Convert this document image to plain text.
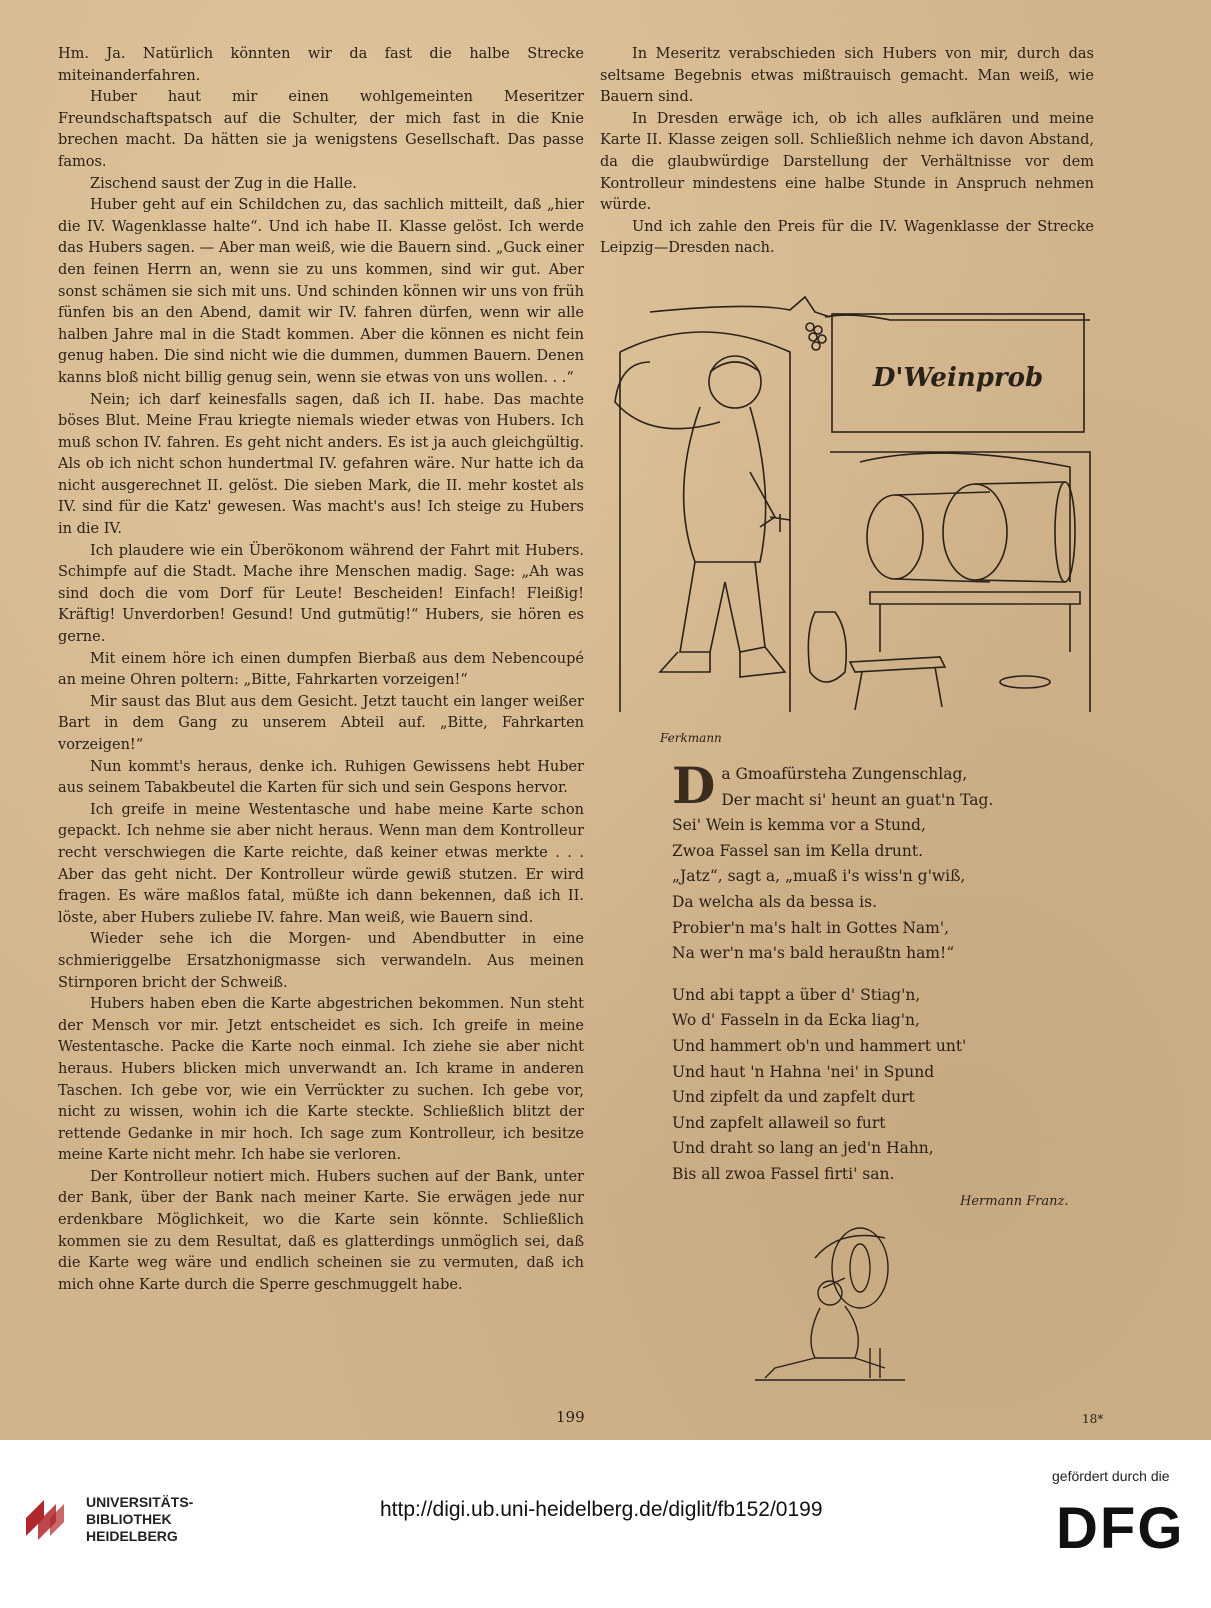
Hm. Ja. Natürlich könnten wir da fast die halbe Strecke miteinanderfahren.

Huber haut mir einen wohlgemeinten Meseritzer Freundschaftspatsch auf die Schulter, der mich fast in die Knie brechen macht. Da hätten sie ja wenigstens Gesellschaft. Das passe famos.

Zischend saust der Zug in die Halle.

Huber geht auf ein Schildchen zu, das sachlich mitteilt, daß „hier die IV. Wagenklasse halte“. Und ich habe II. Klasse gelöst. Ich werde das Hubers sagen. — Aber man weiß, wie die Bauern sind. „Guck einer den feinen Herrn an, wenn sie zu uns kommen, sind wir gut. Aber sonst schämen sie sich mit uns. Und schinden können wir uns von früh fünfen bis an den Abend, damit wir IV. fahren dürfen, wenn wir alle halben Jahre mal in die Stadt kommen. Aber die können es nicht fein genug haben. Die sind nicht wie die dummen, dummen Bauern. Denen kanns bloß nicht billig genug sein, wenn sie etwas von uns wollen. . .“

Nein; ich darf keinesfalls sagen, daß ich II. habe. Das machte böses Blut. Meine Frau kriegte niemals wieder etwas von Hubers. Ich muß schon IV. fahren. Es geht nicht anders. Es ist ja auch gleichgültig. Als ob ich nicht schon hundertmal IV. gefahren wäre. Nur hatte ich da nicht ausgerechnet II. gelöst. Die sieben Mark, die II. mehr kostet als IV. sind für die Katz' gewesen. Was macht's aus! Ich steige zu Hubers in die IV.

Ich plaudere wie ein Überökonom während der Fahrt mit Hubers. Schimpfe auf die Stadt. Mache ihre Menschen madig. Sage: „Ah was sind doch die vom Dorf für Leute! Bescheiden! Einfach! Fleißig! Kräftig! Unverdorben! Gesund! Und gutmütig!“ Hubers, sie hören es gerne.

Mit einem höre ich einen dumpfen Bierbaß aus dem Nebencoupé an meine Ohren poltern: „Bitte, Fahrkarten vorzeigen!“

Mir saust das Blut aus dem Gesicht. Jetzt taucht ein langer weißer Bart in dem Gang zu unserem Abteil auf. „Bitte, Fahrkarten vorzeigen!“

Nun kommt's heraus, denke ich. Ruhigen Gewissens hebt Huber aus seinem Tabakbeutel die Karten für sich und sein Gespons hervor.

Ich greife in meine Westentasche und habe meine Karte schon gepackt. Ich nehme sie aber nicht heraus. Wenn man dem Kontrolleur recht verschwiegen die Karte reichte, daß keiner etwas merkte . . . Aber das geht nicht. Der Kontrolleur würde gewiß stutzen. Er wird fragen. Es wäre maßlos fatal, müßte ich dann bekennen, daß ich II. löste, aber Hubers zuliebe IV. fahre. Man weiß, wie Bauern sind.

Wieder sehe ich die Morgen- und Abendbutter in eine schmieriggelbe Ersatzhonigmasse sich verwandeln. Aus meinen Stirnporen bricht der Schweiß.

Hubers haben eben die Karte abgestrichen bekommen. Nun steht der Mensch vor mir. Jetzt entscheidet es sich. Ich greife in meine Westentasche. Packe die Karte noch einmal. Ich ziehe sie aber nicht heraus. Hubers blicken mich unverwandt an. Ich krame in anderen Taschen. Ich gebe vor, wie ein Verrückter zu suchen. Ich gebe vor, nicht zu wissen, wohin ich die Karte steckte. Schließlich blitzt der rettende Gedanke in mir hoch. Ich sage zum Kontrolleur, ich besitze meine Karte nicht mehr. Ich habe sie verloren.

Der Kontrolleur notiert mich. Hubers suchen auf der Bank, unter der Bank, über der Bank nach meiner Karte. Sie erwägen jede nur erdenkbare Möglichkeit, wo die Karte sein könnte. Schließlich kommen sie zu dem Resultat, daß es glatterdings unmöglich sei, daß die Karte weg wäre und endlich scheinen sie zu vermuten, daß ich mich ohne Karte durch die Sperre geschmuggelt habe.

In Meseritz verabschieden sich Hubers von mir, durch das seltsame Begebnis etwas mißtrauisch gemacht. Man weiß, wie Bauern sind.

In Dresden erwäge ich, ob ich alles aufklären und meine Karte II. Klasse zeigen soll. Schließlich nehme ich davon Abstand, da die glaubwürdige Darstellung der Verhältnisse vor dem Kontrolleur mindestens eine halbe Stunde in Anspruch nehmen würde.

Und ich zahle den Preis für die IV. Wagenklasse der Strecke Leipzig—Dresden nach.

D'Weinprob
Ferkmann
D a Gmoafürsteha Zungenschlag,
Der macht si' heunt an guat'n Tag.
Sei' Wein is kemma vor a Stund,
Zwoa Fassel san im Kella drunt.
„Jatz“, sagt a, „muaß i's wiss'n g'wiß,
Da welcha als da bessa is.
Probier'n ma's halt in Gottes Nam',
Na wer'n ma's bald heraußtn ham!“
Und abi tappt a über d' Stiag'n,
Wo d' Fasseln in da Ecka liag'n,
Und hammert ob'n und hammert unt'
Und haut 'n Hahna 'nei' in Spund
Und zipfelt da und zapfelt durt
Und zapfelt allaweil so furt
Und draht so lang an jed'n Hahn,
Bis all zwoa Fassel firti' san.
Hermann Franz.
199	18*
UNIVERSITÄTS-
BIBLIOTHEK
HEIDELBERG
http://digi.ub.uni-heidelberg.de/diglit/fb152/0199
gefördert durch die
DFG
